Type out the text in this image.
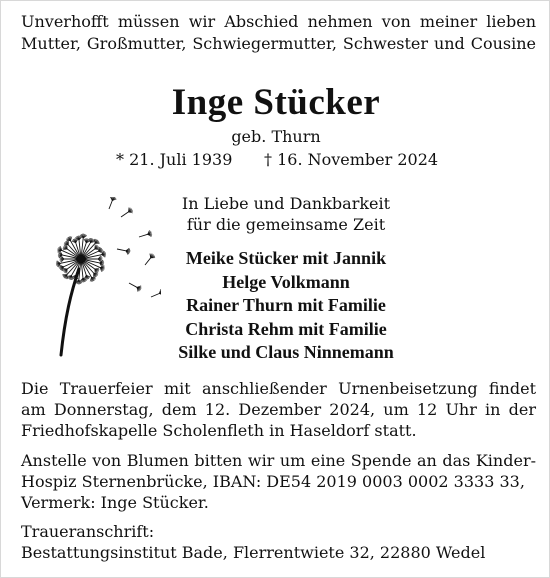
Unverhofft müssen wir Abschied nehmen von meiner lieben
Mutter, Großmutter, Schwiegermutter, Schwester und Cousine
Inge Stücker
geb. Thurn
* 21. Juli 1939 † 16. November 2024
In Liebe und Dankbarkeit
für die gemeinsame Zeit
Meike Stücker mit Jannik
Helge Volkmann
Rainer Thurn mit Familie
Christa Rehm mit Familie
Silke und Claus Ninnemann
Die Trauerfeier mit anschließender Urnenbeisetzung findet
am Donnerstag, dem 12. Dezember 2024, um 12 Uhr in der
Friedhofskapelle Scholenfleth in Haseldorf statt.
Anstelle von Blumen bitten wir um eine Spende an das Kinder-
Hospiz Sternenbrücke, IBAN: DE54 2019 0003 0002 3333 33,
Vermerk: Inge Stücker.
Traueranschrift:
Bestattungsinstitut Bade, Flerrentwiete 32, 22880 Wedel
